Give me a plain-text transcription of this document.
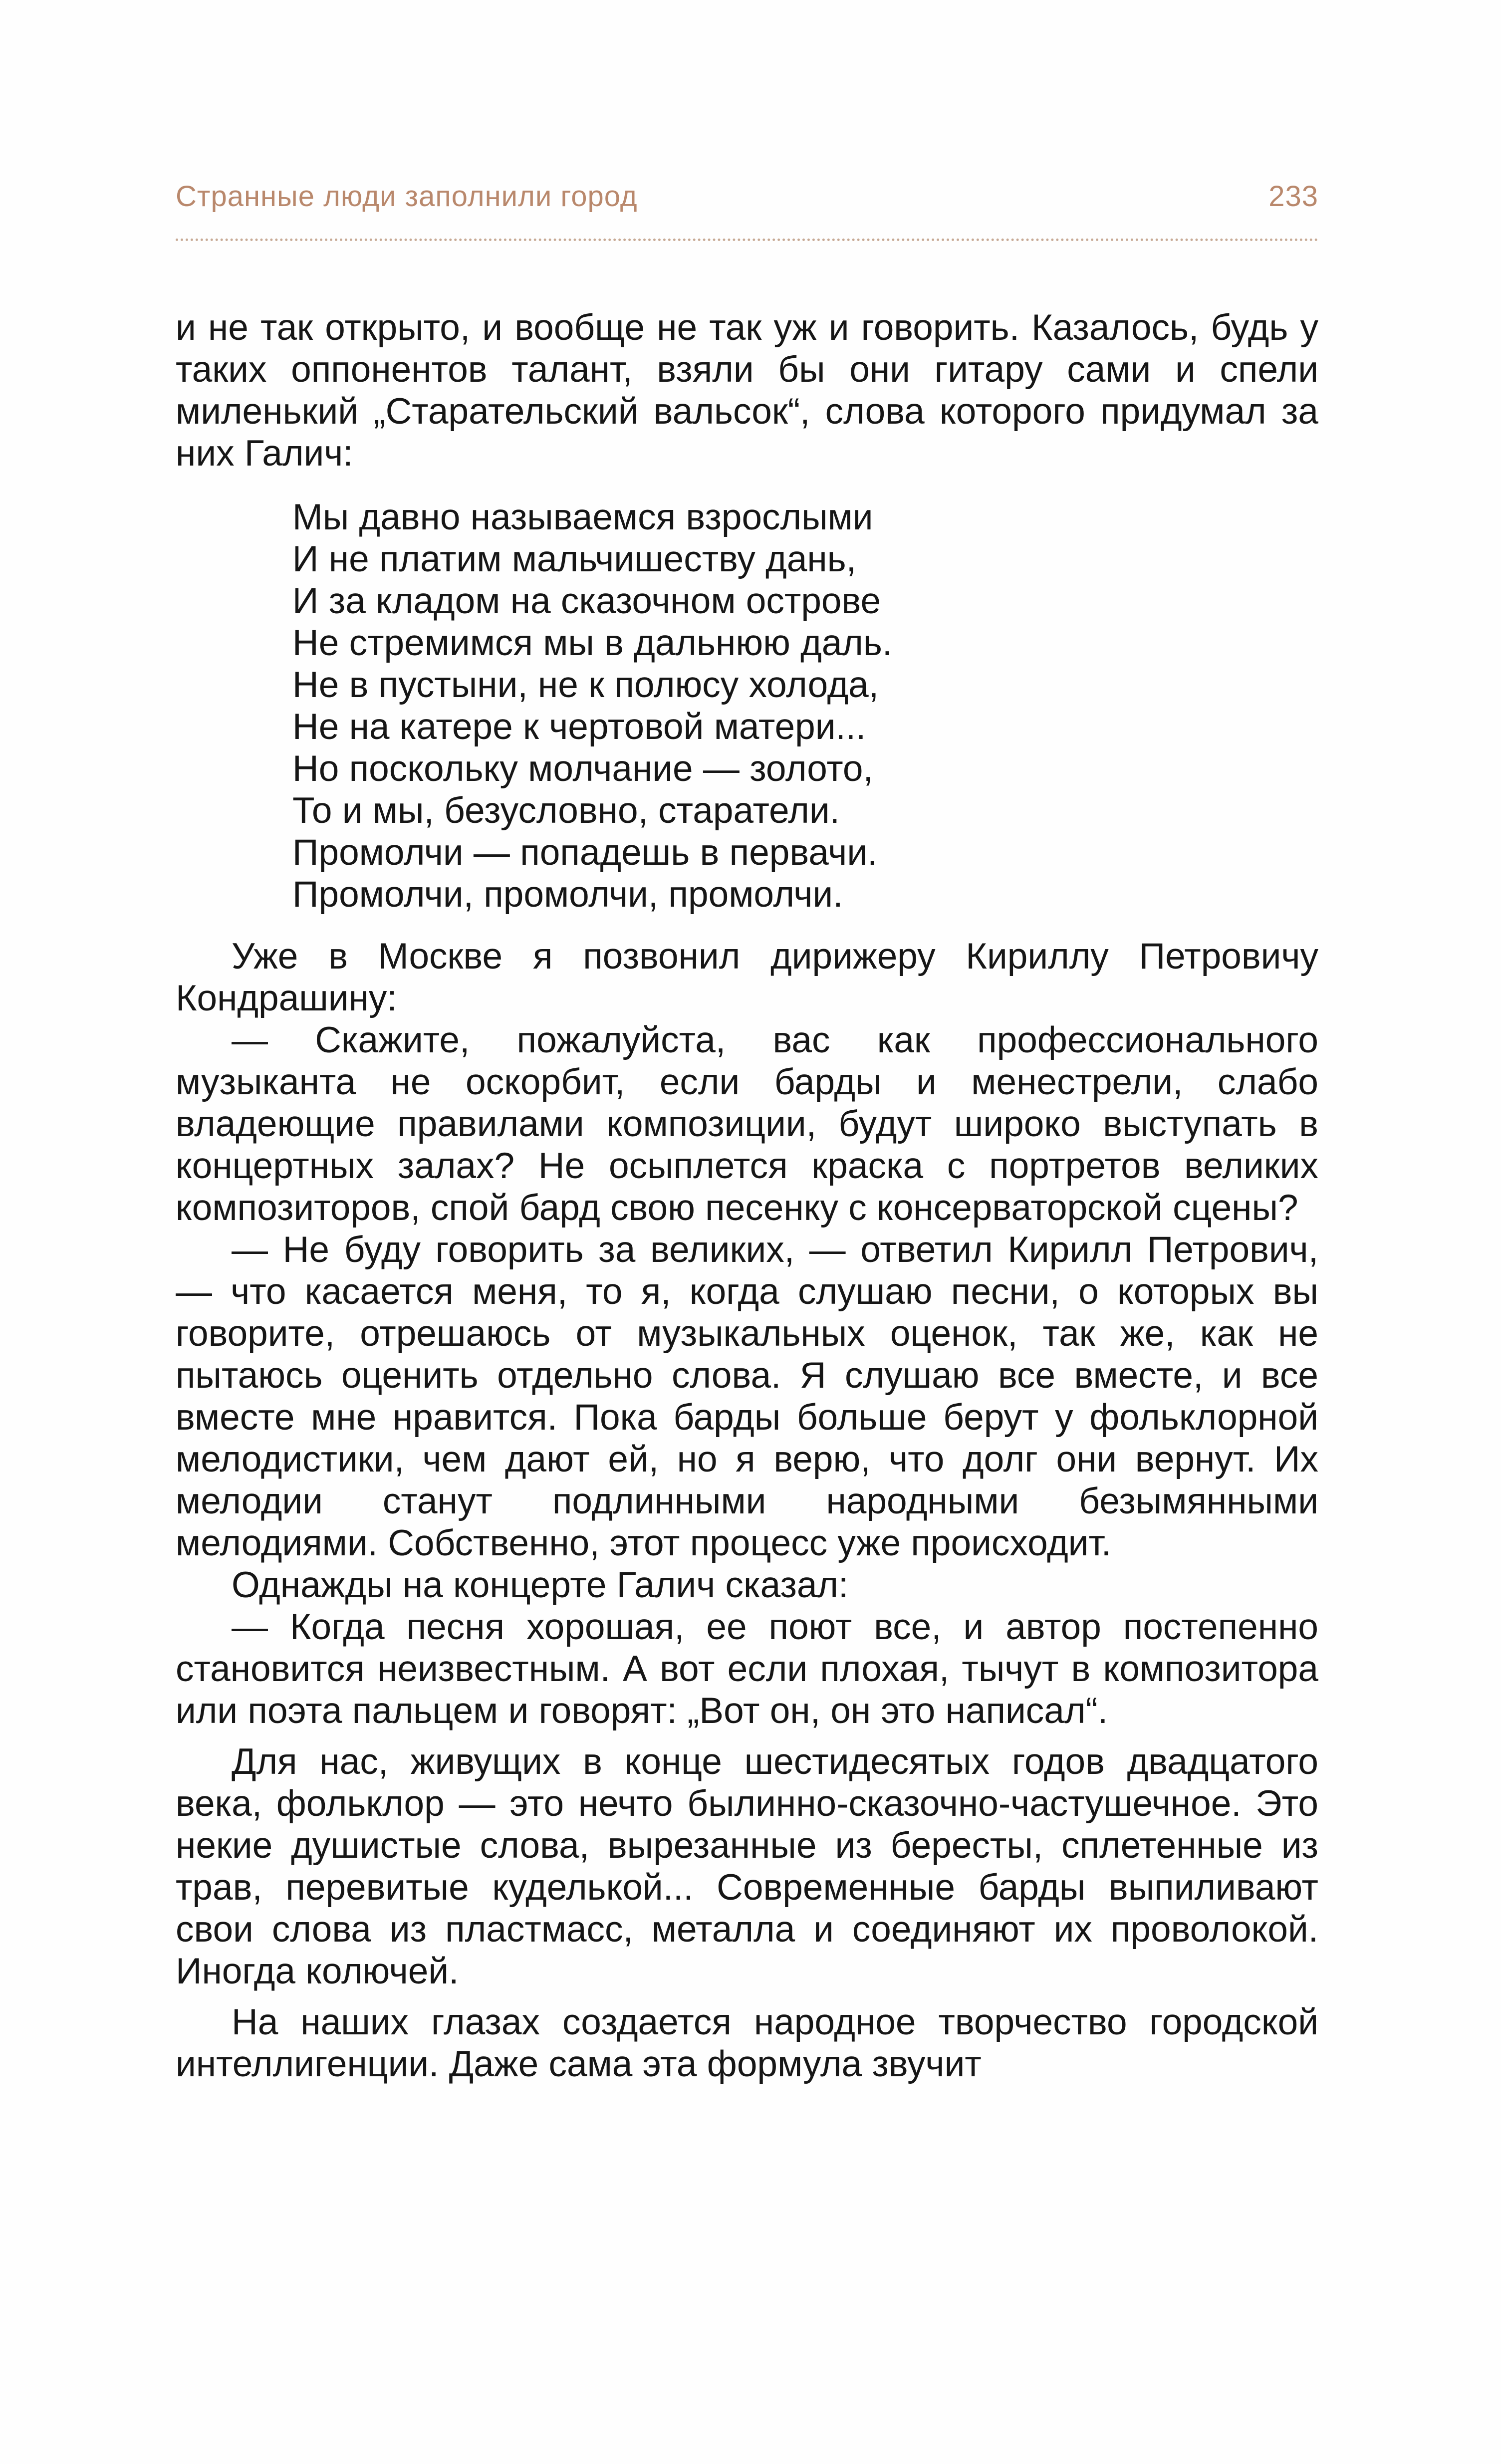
Странные люди заполнили город	233

и не так открыто, и вообще не так уж и говорить. Казалось, будь у таких оппонентов талант, взяли бы они гитару сами и спели миленький „Старательский вальсок“, слова которого придумал за них Галич:

Мы давно называемся взрослыми
И не платим мальчишеству дань,
И за кладом на сказочном острове
Не стремимся мы в дальнюю даль.
Не в пустыни, не к полюсу холода,
Не на катере к чертовой матери...
Но поскольку молчание — золото,
То и мы, безусловно, старатели.
Промолчи — попадешь в первачи.
Промолчи, промолчи, промолчи.

Уже в Москве я позвонил дирижеру Кириллу Петровичу Кондрашину:

— Скажите, пожалуйста, вас как профессионального музыканта не оскорбит, если барды и менестрели, слабо владеющие правилами композиции, будут широко выступать в концертных залах? Не осыплется краска с портретов великих композиторов, спой бард свою песенку с консерваторской сцены?

— Не буду говорить за великих, — ответил Кирилл Петрович, — что касается меня, то я, когда слушаю песни, о которых вы говорите, отрешаюсь от музыкальных оценок, так же, как не пытаюсь оценить отдельно слова. Я слушаю все вместе, и все вместе мне нравится. Пока барды больше берут у фольклорной мелодистики, чем дают ей, но я верю, что долг они вернут. Их мелодии станут подлинными народными безымянными мелодиями. Собственно, этот процесс уже происходит.

Однажды на концерте Галич сказал:

— Когда песня хорошая, ее поют все, и автор постепенно становится неизвестным. А вот если плохая, тычут в композитора или поэта пальцем и говорят: „Вот он, он это написал“.

Для нас, живущих в конце шестидесятых годов двадцатого века, фольклор — это нечто былинно-сказочно-частушечное. Это некие душистые слова, вырезанные из бересты, сплетенные из трав, перевитые куделькой... Современные барды выпиливают свои слова из пластмасс, металла и соединяют их проволокой. Иногда колючей.

На наших глазах создается народное творчество городской интеллигенции. Даже сама эта формула звучит
